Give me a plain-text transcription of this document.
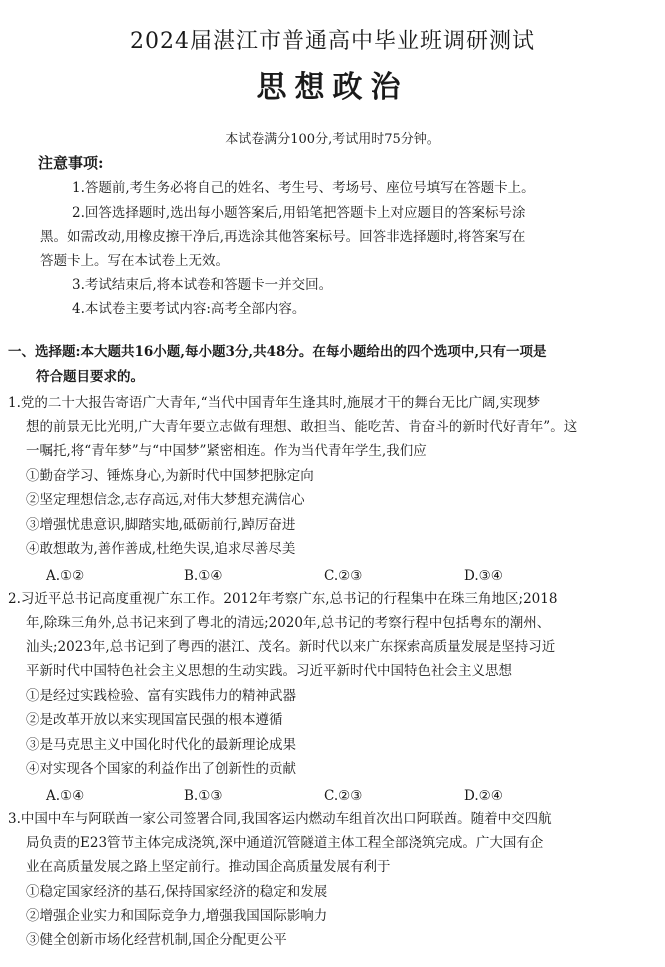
2024届湛江市普通高中毕业班调研测试
思想政治
本试卷满分100分,考试用时75分钟。
注意事项:
1.答题前,考生务必将自己的姓名、考生号、考场号、座位号填写在答题卡上。
2.回答选择题时,选出每小题答案后,用铅笔把答题卡上对应题目的答案标号涂
黑。如需改动,用橡皮擦干净后,再选涂其他答案标号。回答非选择题时,将答案写在
答题卡上。写在本试卷上无效。
3.考试结束后,将本试卷和答题卡一并交回。
4.本试卷主要考试内容:高考全部内容。
一、选择题:本大题共16小题,每小题3分,共48分。在每小题给出的四个选项中,只有一项是
符合题目要求的。
1.党的二十大报告寄语广大青年,“当代中国青年生逢其时,施展才干的舞台无比广阔,实现梦
想的前景无比光明,广大青年要立志做有理想、敢担当、能吃苦、肯奋斗的新时代好青年”。这
一嘱托,将“青年梦”与“中国梦”紧密相连。作为当代青年学生,我们应
①勤奋学习、锤炼身心,为新时代中国梦把脉定向
②坚定理想信念,志存高远,对伟大梦想充满信心
③增强忧患意识,脚踏实地,砥砺前行,踔厉奋进
④敢想敢为,善作善成,杜绝失误,追求尽善尽美
A.①②	B.①④	C.②③	D.③④
2.习近平总书记高度重视广东工作。2012年考察广东,总书记的行程集中在珠三角地区;2018
年,除珠三角外,总书记来到了粤北的清远;2020年,总书记的考察行程中包括粤东的潮州、
汕头;2023年,总书记到了粤西的湛江、茂名。新时代以来广东探索高质量发展是坚持习近
平新时代中国特色社会主义思想的生动实践。习近平新时代中国特色社会主义思想
①是经过实践检验、富有实践伟力的精神武器
②是改革开放以来实现国富民强的根本遵循
③是马克思主义中国化时代化的最新理论成果
④对实现各个国家的利益作出了创新性的贡献
A.①④	B.①③	C.②③	D.②④
3.中国中车与阿联酋一家公司签署合同,我国客运内燃动车组首次出口阿联酋。随着中交四航
局负责的E23管节主体完成浇筑,深中通道沉管隧道主体工程全部浇筑完成。广大国有企
业在高质量发展之路上坚定前行。推动国企高质量发展有利于
①稳定国家经济的基石,保持国家经济的稳定和发展
②增强企业实力和国际竞争力,增强我国国际影响力
③健全创新市场化经营机制,国企分配更公平
